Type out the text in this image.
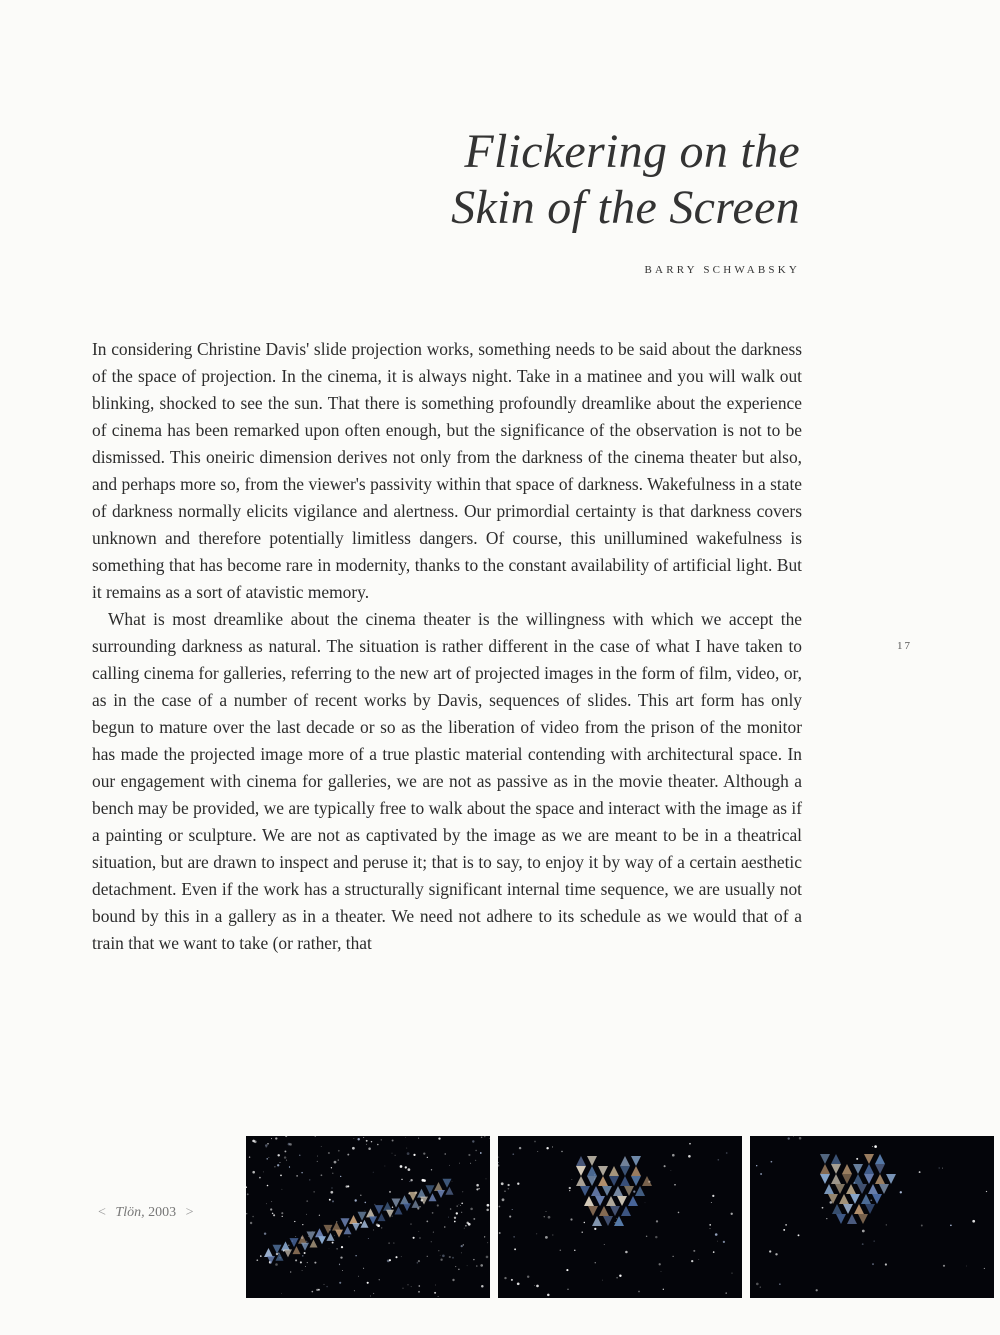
Flickering on the
Skin of the Screen
BARRY SCHWABSKY

In considering Christine Davis' slide projection works, something needs to be said about the darkness of the space of projection. In the cinema, it is always night. Take in a matinee and you will walk out blinking, shocked to see the sun. That there is something profoundly dreamlike about the experience of cinema has been remarked upon often enough, but the significance of the observation is not to be dismissed. This oneiric dimension derives not only from the darkness of the cinema theater but also, and perhaps more so, from the viewer's passivity within that space of darkness. Wakefulness in a state of darkness normally elicits vigilance and alertness. Our primordial certainty is that darkness covers unknown and therefore potentially limitless dangers. Of course, this unillumined wakefulness is something that has become rare in modernity, thanks to the constant availability of artificial light. But it remains as a sort of atavistic memory.

What is most dreamlike about the cinema theater is the willingness with which we accept the surrounding darkness as natural. The situation is rather different in the case of what I have taken to calling cinema for galleries, referring to the new art of projected images in the form of film, video, or, as in the case of a number of recent works by Davis, sequences of slides. This art form has only begun to mature over the last decade or so as the liberation of video from the prison of the monitor has made the projected image more of a true plastic material contending with architectural space. In our engagement with cinema for galleries, we are not as passive as in the movie theater. Although a bench may be provided, we are typically free to walk about the space and interact with the image as if a painting or sculpture. We are not as captivated by the image as we are meant to be in a theatrical situation, but are drawn to inspect and peruse it; that is to say, to enjoy it by way of a certain aesthetic detachment. Even if the work has a structurally significant internal time sequence, we are usually not bound by this in a gallery as in a theater. We need not adhere to its schedule as we would that of a train that we want to take (or rather, that

17
< Tlön, 2003 >
